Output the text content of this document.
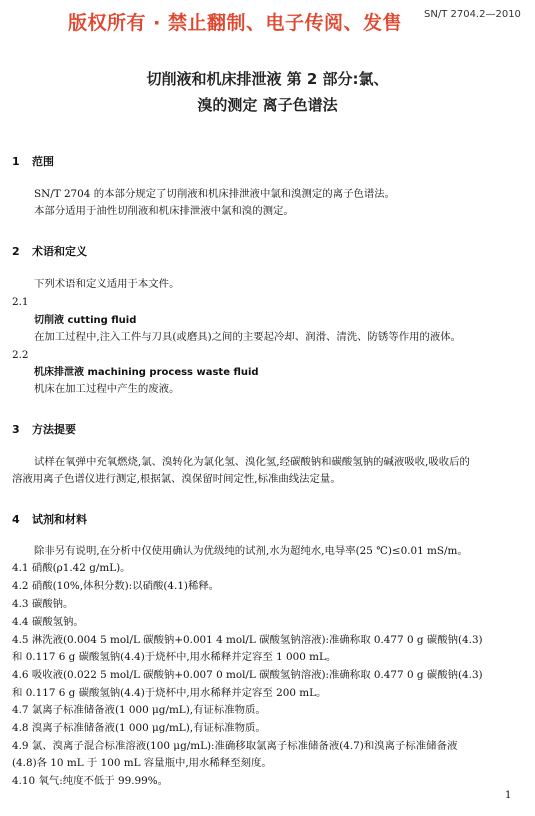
版权所有 · 禁止翻制、电子传阅、发售 SN/T 2704.2—2010
切削液和机床排泄液 第 2 部分:氯、
溴的测定 离子色谱法
1 范围
SN/T 2704 的本部分规定了切削液和机床排泄液中氯和溴测定的离子色谱法。
本部分适用于油性切削液和机床排泄液中氯和溴的测定。
2 术语和定义
下列术语和定义适用于本文件。
2.1
切削液 cutting fluid
在加工过程中,注入工件与刀具(或磨具)之间的主要起冷却、润滑、清洗、防锈等作用的液体。
2.2
机床排泄液 machining process waste fluid
机床在加工过程中产生的废液。
3 方法提要
试样在氧弹中充氧燃烧,氯、溴转化为氯化氢、溴化氢,经碳酸钠和碳酸氢钠的碱液吸收,吸收后的
溶液用离子色谱仪进行测定,根据氯、溴保留时间定性,标准曲线法定量。
4 试剂和材料
除非另有说明,在分析中仅使用确认为优级纯的试剂,水为超纯水,电导率(25 ℃)≤0.01 mS/m。
4.1 硝酸(ρ1.42 g/mL)。
4.2 硝酸(10%,体积分数):以硝酸(4.1)稀释。
4.3 碳酸钠。
4.4 碳酸氢钠。
4.5 淋洗液(0.004 5 mol/L 碳酸钠+0.001 4 mol/L 碳酸氢钠溶液):准确称取 0.477 0 g 碳酸钠(4.3)
和 0.117 6 g 碳酸氢钠(4.4)于烧杯中,用水稀释并定容至 1 000 mL。
4.6 吸收液(0.022 5 mol/L 碳酸钠+0.007 0 mol/L 碳酸氢钠溶液):准确称取 0.477 0 g 碳酸钠(4.3)
和 0.117 6 g 碳酸氢钠(4.4)于烧杯中,用水稀释并定容至 200 mL。
4.7 氯离子标准储备液(1 000 μg/mL),有证标准物质。
4.8 溴离子标准储备液(1 000 μg/mL),有证标准物质。
4.9 氯、溴离子混合标准溶液(100 μg/mL):准确移取氯离子标准储备液(4.7)和溴离子标准储备液
(4.8)各 10 mL 于 100 mL 容量瓶中,用水稀释至刻度。
4.10 氧气:纯度不低于 99.99%。
1
